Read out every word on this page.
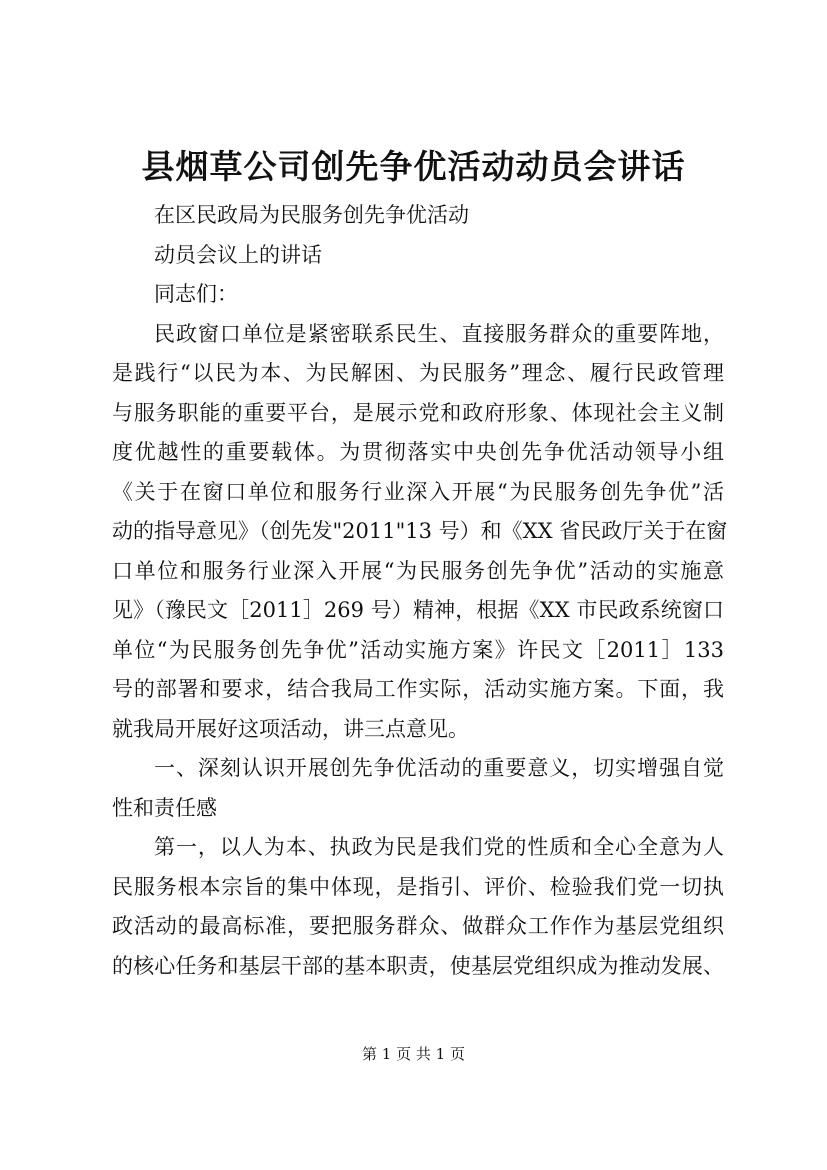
县烟草公司创先争优活动动员会讲话
在区民政局为民服务创先争优活动
动员会议上的讲话
同志们：
民政窗口单位是紧密联系民生、直接服务群众的重要阵地，
是践行“以民为本、为民解困、为民服务”理念、履行民政管理
与服务职能的重要平台，是展示党和政府形象、体现社会主义制
度优越性的重要载体。为贯彻落实中央创先争优活动领导小组
《关于在窗口单位和服务行业深入开展“为民服务创先争优”活
动的指导意见》（创先发"2011"13 号）和《XX 省民政厅关于在窗
口单位和服务行业深入开展“为民服务创先争优”活动的实施意
见》（豫民文［2011］269 号）精神，根据《XX 市民政系统窗口
单位“为民服务创先争优”活动实施方案》许民文［2011］133
号的部署和要求，结合我局工作实际，活动实施方案。下面，我
就我局开展好这项活动，讲三点意见。
一、深刻认识开展创先争优活动的重要意义，切实增强自觉
性和责任感
第一，以人为本、执政为民是我们党的性质和全心全意为人
民服务根本宗旨的集中体现，是指引、评价、检验我们党一切执
政活动的最高标准，要把服务群众、做群众工作作为基层党组织
的核心任务和基层干部的基本职责，使基层党组织成为推动发展、
第 1 页 共 1 页
